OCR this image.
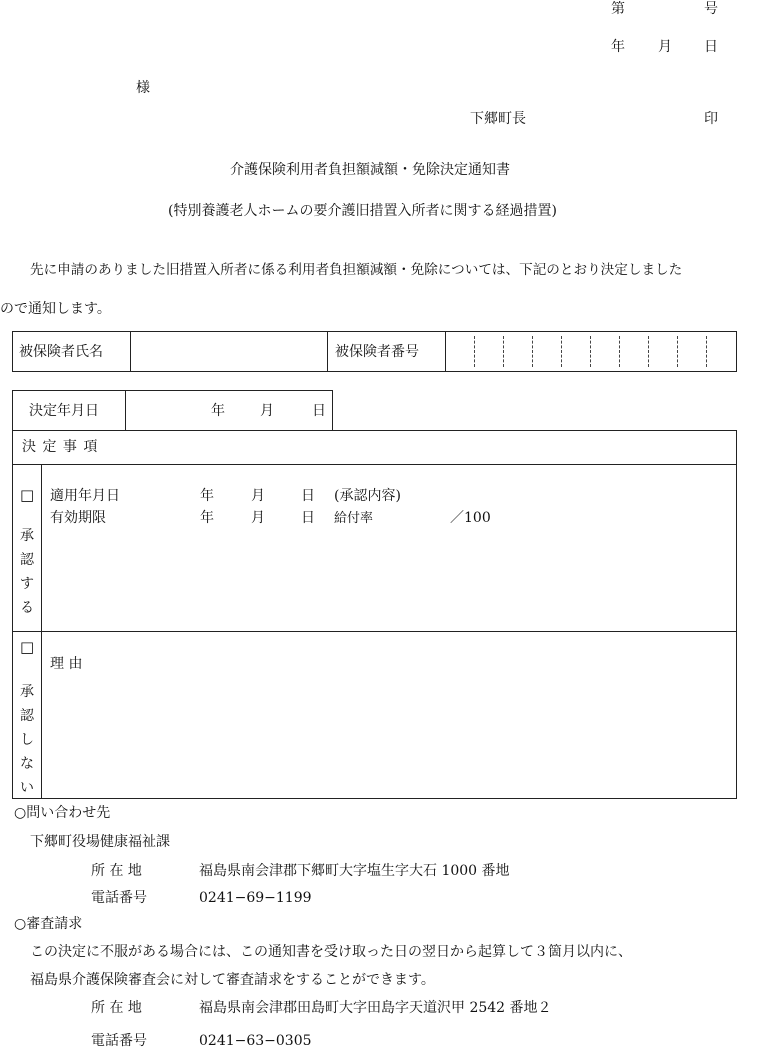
第	号
年 月 日
様
下郷町長	印
介護保険利用者負担額減額・免除決定通知書
(特別養護老人ホームの要介護旧措置入所者に関する経過措置)
先に申請のありました旧措置入所者に係る利用者負担額減額・免除については、下記のとおり決定しました
ので通知します。
被保険者氏名	被保険者番号
決定年月日	年	月	日
決 定 事 項
□
承
認
す
る
適用年月日	年	月	日 (承認内容)
有効期限	年	月	日 給付率	／100
□
承
認
し
な
い
理 由
○問い合わせ先
下郷町役場健康福祉課
所 在 地	福島県南会津郡下郷町大字塩生字大石 1000 番地
電話番号	0241−69−1199
○審査請求
この決定に不服がある場合には、この通知書を受け取った日の翌日から起算して３箇月以内に、
福島県介護保険審査会に対して審査請求をすることができます。
所 在 地	福島県南会津郡田島町大字田島字天道沢甲 2542 番地２
電話番号	0241−63−0305
